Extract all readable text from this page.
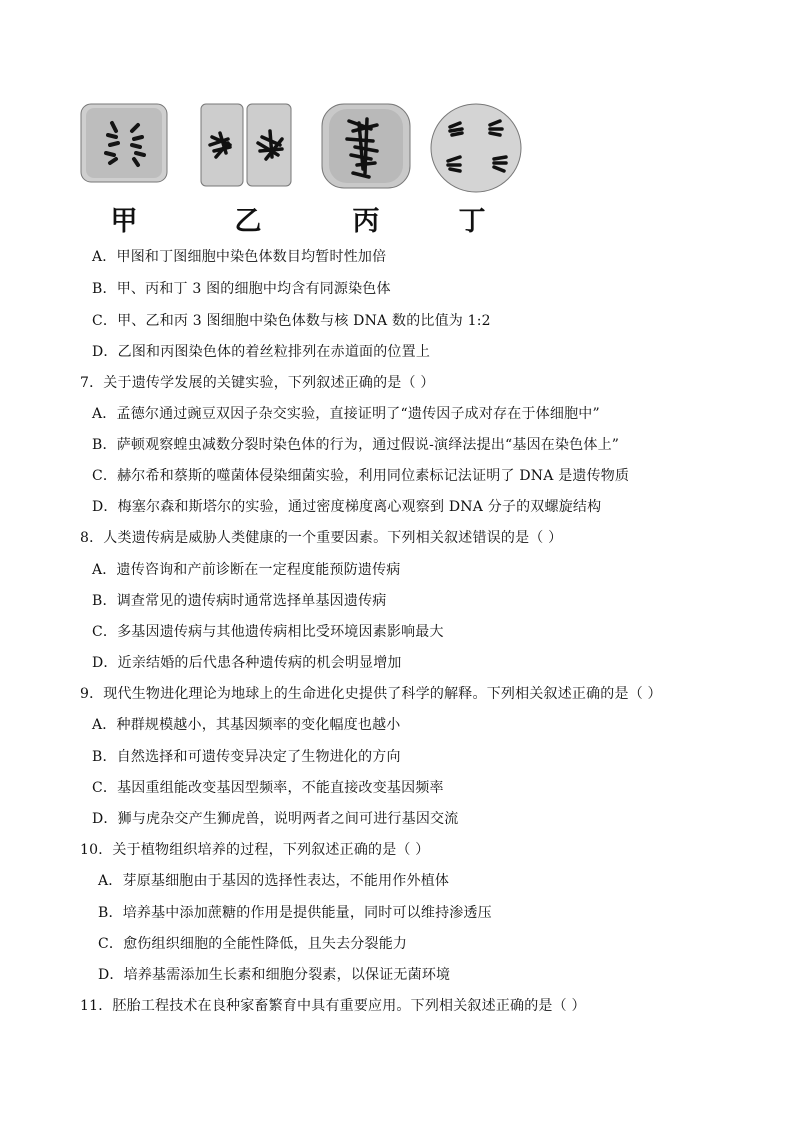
甲	乙	丙	丁
A．甲图和丁图细胞中染色体数目均暂时性加倍
B．甲、丙和丁 3 图的细胞中均含有同源染色体
C．甲、乙和丙 3 图细胞中染色体数与核 DNA 数的比值为 1:2
D．乙图和丙图染色体的着丝粒排列在赤道面的位置上
7．关于遗传学发展的关键实验，下列叙述正确的是（ ）
A．孟德尔通过豌豆双因子杂交实验，直接证明了“遗传因子成对存在于体细胞中”
B．萨顿观察蝗虫减数分裂时染色体的行为，通过假说-演绎法提出“基因在染色体上”
C．赫尔希和蔡斯的噬菌体侵染细菌实验，利用同位素标记法证明了 DNA 是遗传物质
D．梅塞尔森和斯塔尔的实验，通过密度梯度离心观察到 DNA 分子的双螺旋结构
8．人类遗传病是威胁人类健康的一个重要因素。下列相关叙述错误的是（ ）
A．遗传咨询和产前诊断在一定程度能预防遗传病
B．调查常见的遗传病时通常选择单基因遗传病
C．多基因遗传病与其他遗传病相比受环境因素影响最大
D．近亲结婚的后代患各种遗传病的机会明显增加
9．现代生物进化理论为地球上的生命进化史提供了科学的解释。下列相关叙述正确的是（ ）
A．种群规模越小，其基因频率的变化幅度也越小
B．自然选择和可遗传变异决定了生物进化的方向
C．基因重组能改变基因型频率，不能直接改变基因频率
D．狮与虎杂交产生狮虎兽，说明两者之间可进行基因交流
10．关于植物组织培养的过程，下列叙述正确的是（ ）
A．芽原基细胞由于基因的选择性表达，不能用作外植体
B．培养基中添加蔗糖的作用是提供能量，同时可以维持渗透压
C．愈伤组织细胞的全能性降低，且失去分裂能力
D．培养基需添加生长素和细胞分裂素，以保证无菌环境
11．胚胎工程技术在良种家畜繁育中具有重要应用。下列相关叙述正确的是（ ）
